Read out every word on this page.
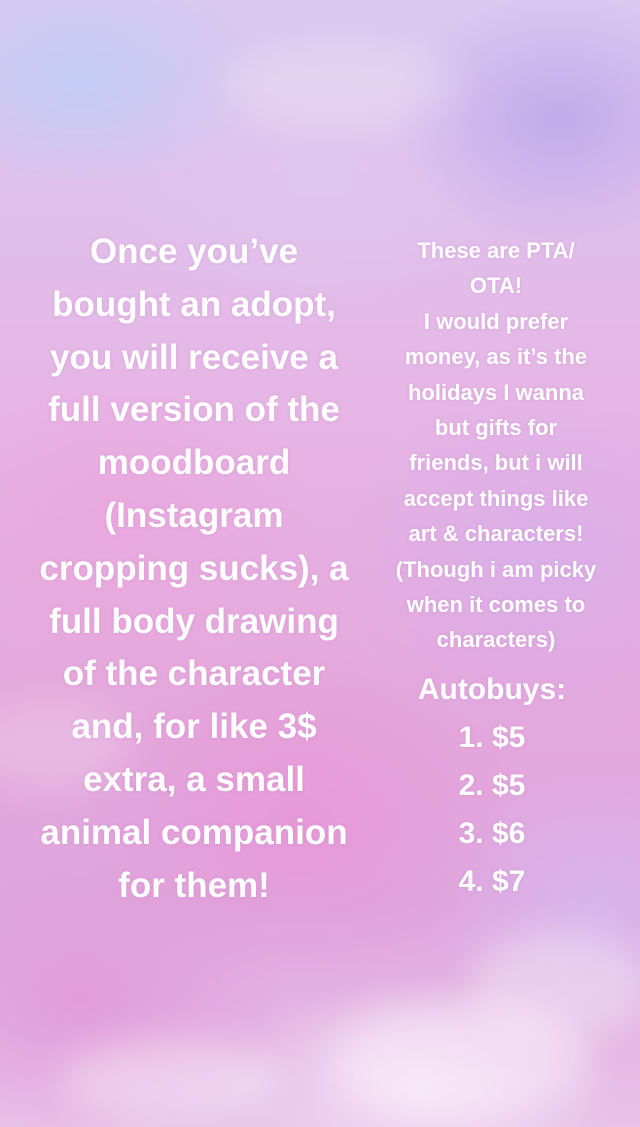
Once you’ve
bought an adopt,
you will receive a
full version of the
moodboard
(Instagram
cropping sucks), a
full body drawing
of the character
and, for like 3$
extra, a small
animal companion
for them!
These are PTA/
OTA!
I would prefer
money, as it’s the
holidays I wanna
but gifts for
friends, but i will
accept things like
art & characters!
(Though i am picky
when it comes to
characters)
Autobuys:
1. $5
2. $5
3. $6
4. $7
